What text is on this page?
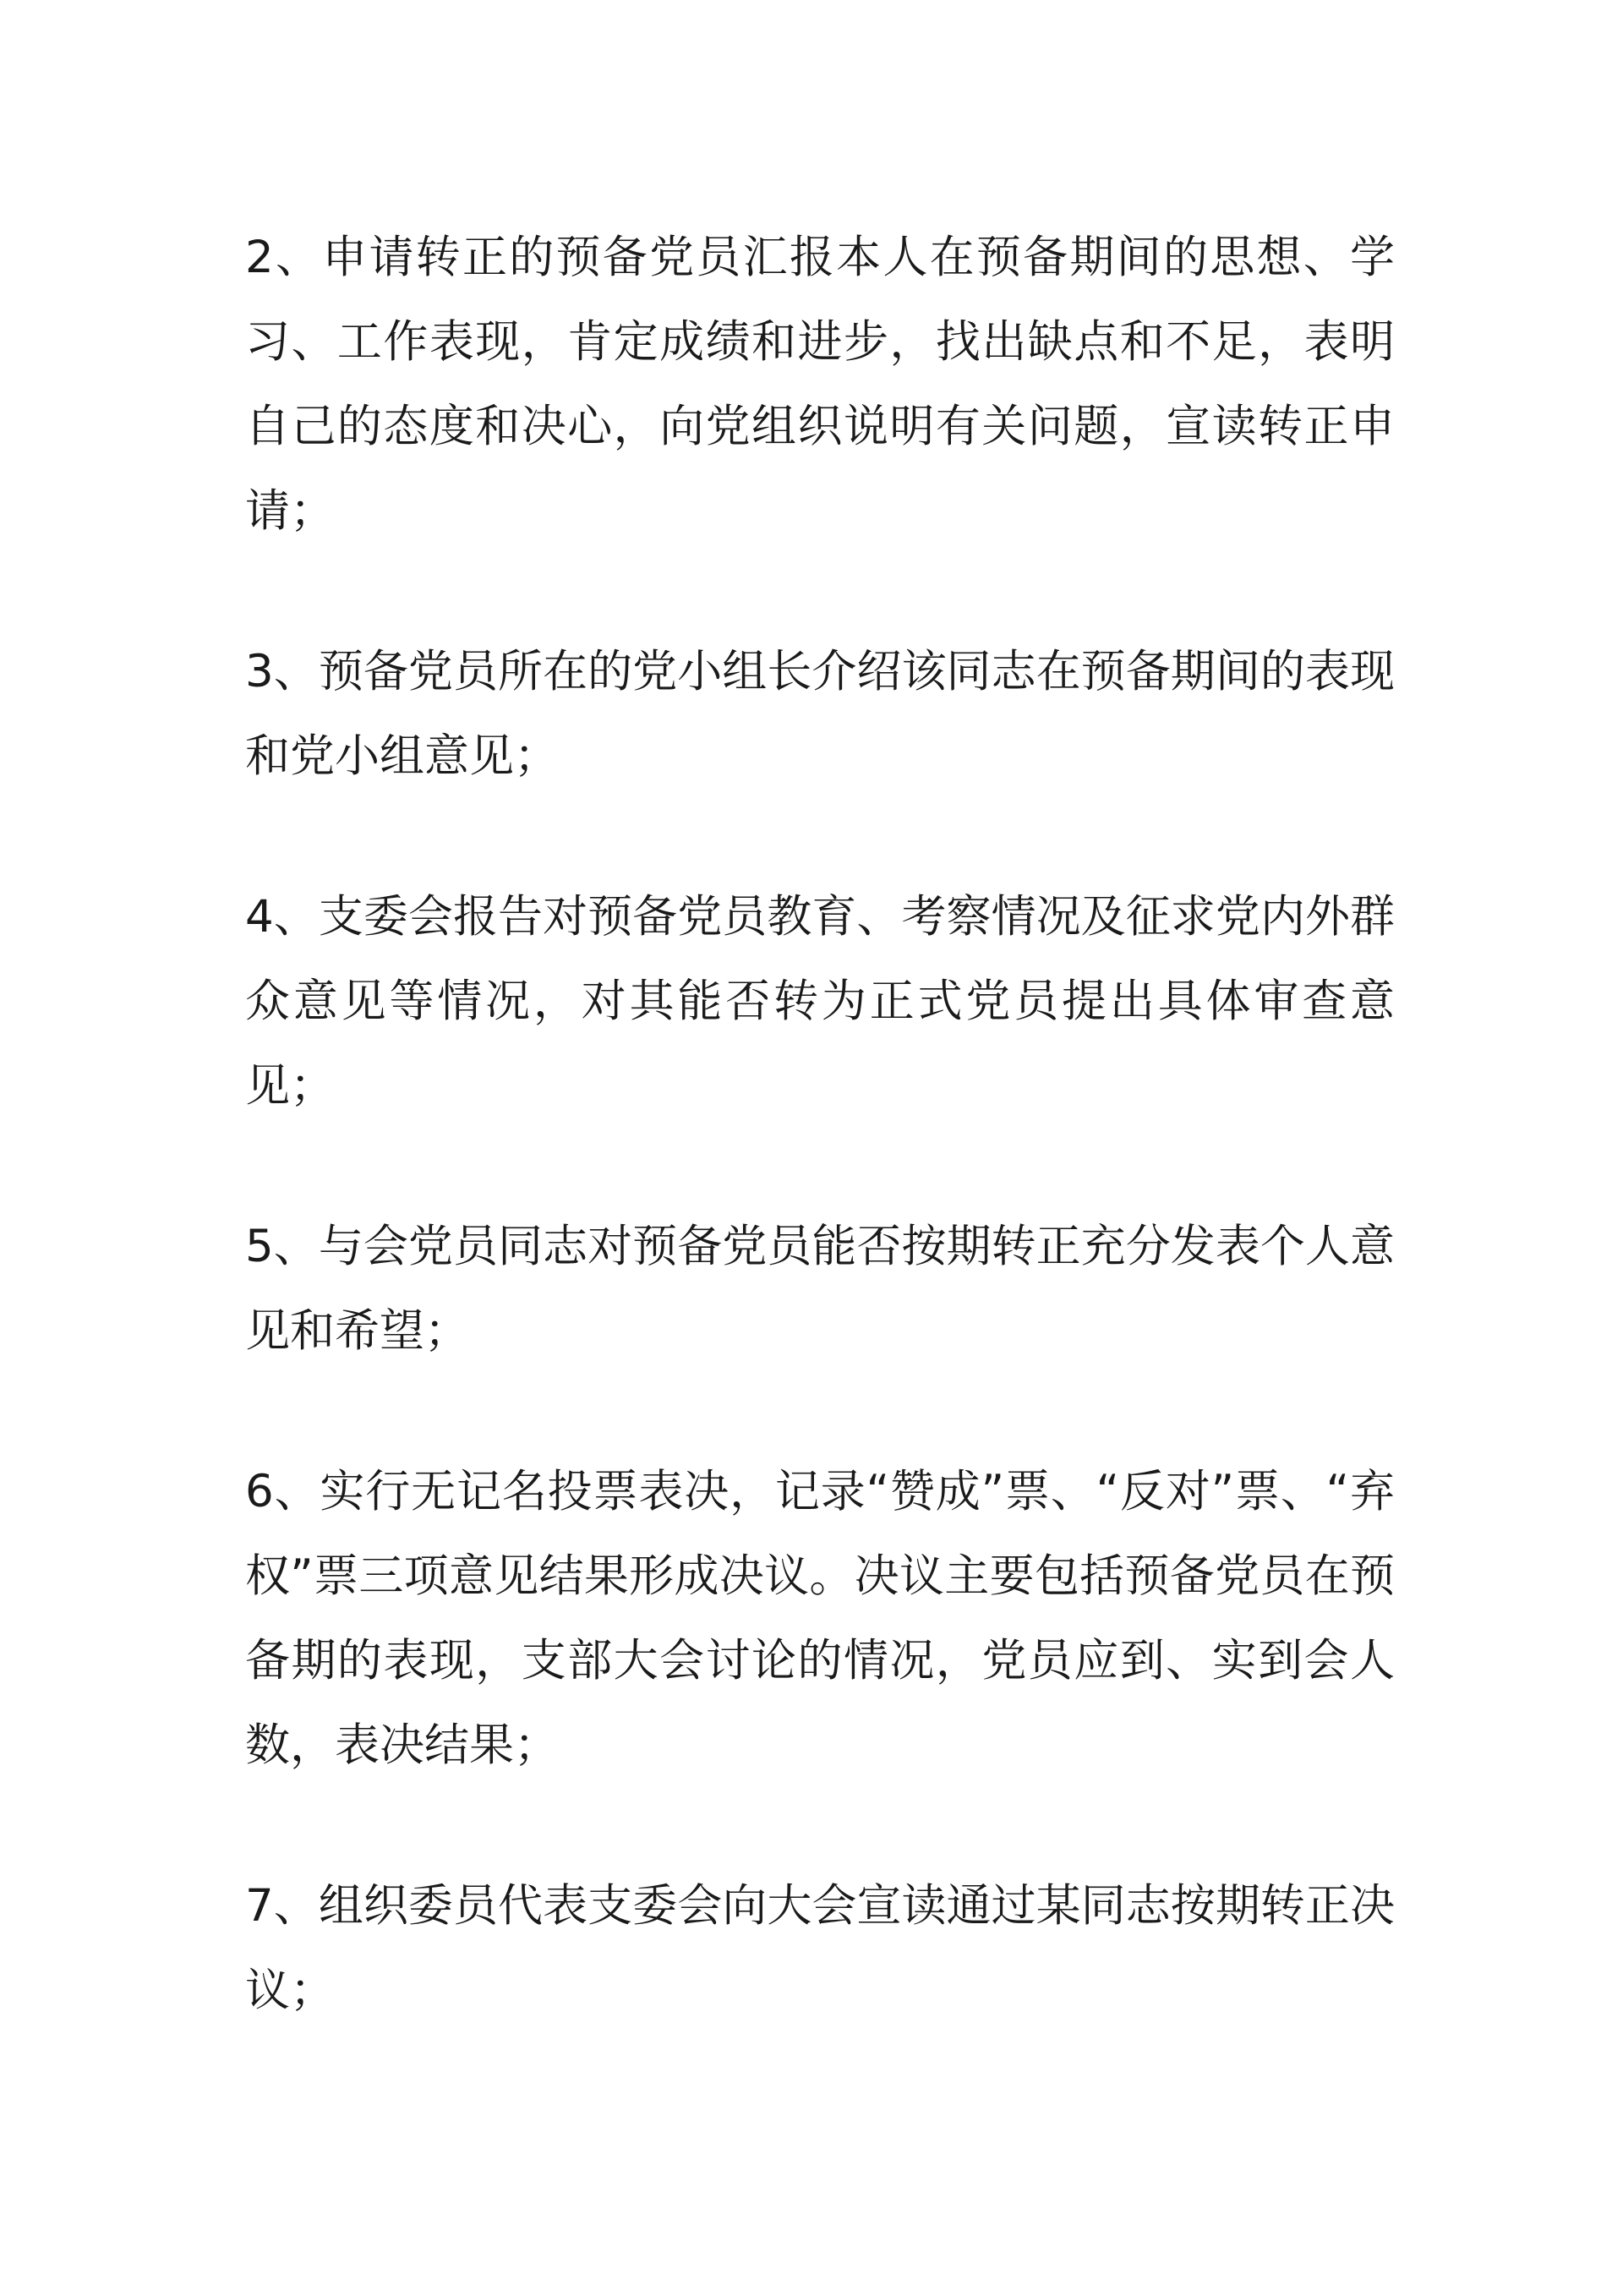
2、申请转正的预备党员汇报本人在预备期间的思想、学习、工作表现，肯定成绩和进步，找出缺点和不足，表明自己的态度和决心，向党组织说明有关问题，宣读转正申请；

3、预备党员所在的党小组长介绍该同志在预备期间的表现和党小组意见；

4、支委会报告对预备党员教育、考察情况及征求党内外群众意见等情况，对其能否转为正式党员提出具体审查意见；

5、与会党员同志对预备党员能否按期转正充分发表个人意见和希望；

6、实行无记名投票表决，记录“赞成”票、“反对”票、“弃权”票三项意见结果形成决议。决议主要包括预备党员在预备期的表现，支部大会讨论的情况，党员应到、实到会人数，表决结果；

7、组织委员代表支委会向大会宣读通过某同志按期转正决议；
